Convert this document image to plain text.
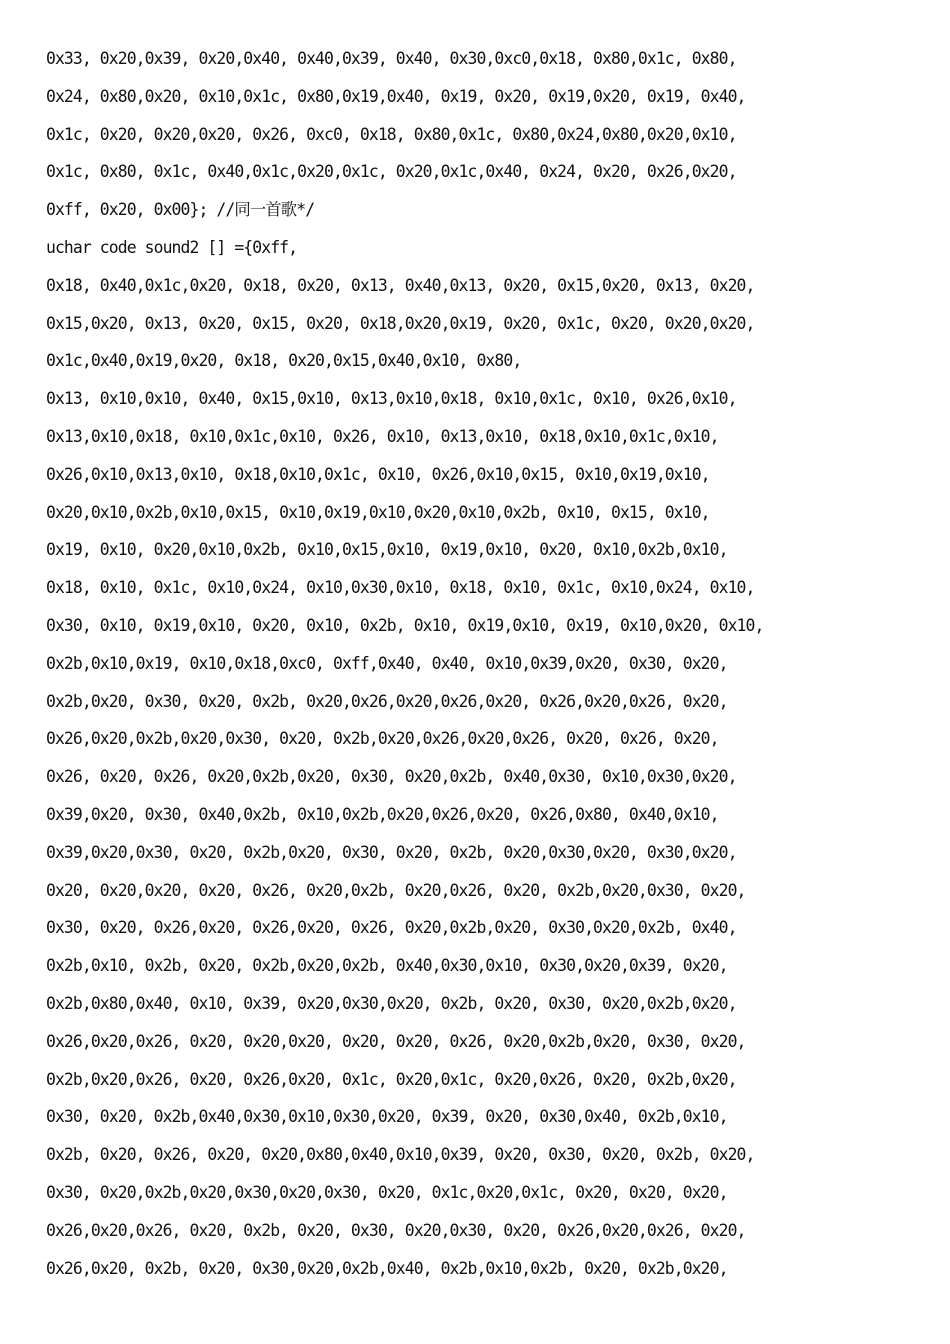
0x33, 0x20,0x39, 0x20,0x40, 0x40,0x39, 0x40, 0x30,0xc0,0x18, 0x80,0x1c, 0x80,
0x24, 0x80,0x20, 0x10,0x1c, 0x80,0x19,0x40, 0x19, 0x20, 0x19,0x20, 0x19, 0x40,
0x1c, 0x20, 0x20,0x20, 0x26, 0xc0, 0x18, 0x80,0x1c, 0x80,0x24,0x80,0x20,0x10,
0x1c, 0x80, 0x1c, 0x40,0x1c,0x20,0x1c, 0x20,0x1c,0x40, 0x24, 0x20, 0x26,0x20,
0xff, 0x20, 0x00}; //同一首歌*/
uchar code sound2 [] ={0xff,
0x18, 0x40,0x1c,0x20, 0x18, 0x20, 0x13, 0x40,0x13, 0x20, 0x15,0x20, 0x13, 0x20,
0x15,0x20, 0x13, 0x20, 0x15, 0x20, 0x18,0x20,0x19, 0x20, 0x1c, 0x20, 0x20,0x20,
0x1c,0x40,0x19,0x20, 0x18, 0x20,0x15,0x40,0x10, 0x80,
0x13, 0x10,0x10, 0x40, 0x15,0x10, 0x13,0x10,0x18, 0x10,0x1c, 0x10, 0x26,0x10,
0x13,0x10,0x18, 0x10,0x1c,0x10, 0x26, 0x10, 0x13,0x10, 0x18,0x10,0x1c,0x10,
0x26,0x10,0x13,0x10, 0x18,0x10,0x1c, 0x10, 0x26,0x10,0x15, 0x10,0x19,0x10,
0x20,0x10,0x2b,0x10,0x15, 0x10,0x19,0x10,0x20,0x10,0x2b, 0x10, 0x15, 0x10,
0x19, 0x10, 0x20,0x10,0x2b, 0x10,0x15,0x10, 0x19,0x10, 0x20, 0x10,0x2b,0x10,
0x18, 0x10, 0x1c, 0x10,0x24, 0x10,0x30,0x10, 0x18, 0x10, 0x1c, 0x10,0x24, 0x10,
0x30, 0x10, 0x19,0x10, 0x20, 0x10, 0x2b, 0x10, 0x19,0x10, 0x19, 0x10,0x20, 0x10,
0x2b,0x10,0x19, 0x10,0x18,0xc0, 0xff,0x40, 0x40, 0x10,0x39,0x20, 0x30, 0x20,
0x2b,0x20, 0x30, 0x20, 0x2b, 0x20,0x26,0x20,0x26,0x20, 0x26,0x20,0x26, 0x20,
0x26,0x20,0x2b,0x20,0x30, 0x20, 0x2b,0x20,0x26,0x20,0x26, 0x20, 0x26, 0x20,
0x26, 0x20, 0x26, 0x20,0x2b,0x20, 0x30, 0x20,0x2b, 0x40,0x30, 0x10,0x30,0x20,
0x39,0x20, 0x30, 0x40,0x2b, 0x10,0x2b,0x20,0x26,0x20, 0x26,0x80, 0x40,0x10,
0x39,0x20,0x30, 0x20, 0x2b,0x20, 0x30, 0x20, 0x2b, 0x20,0x30,0x20, 0x30,0x20,
0x20, 0x20,0x20, 0x20, 0x26, 0x20,0x2b, 0x20,0x26, 0x20, 0x2b,0x20,0x30, 0x20,
0x30, 0x20, 0x26,0x20, 0x26,0x20, 0x26, 0x20,0x2b,0x20, 0x30,0x20,0x2b, 0x40,
0x2b,0x10, 0x2b, 0x20, 0x2b,0x20,0x2b, 0x40,0x30,0x10, 0x30,0x20,0x39, 0x20,
0x2b,0x80,0x40, 0x10, 0x39, 0x20,0x30,0x20, 0x2b, 0x20, 0x30, 0x20,0x2b,0x20,
0x26,0x20,0x26, 0x20, 0x20,0x20, 0x20, 0x20, 0x26, 0x20,0x2b,0x20, 0x30, 0x20,
0x2b,0x20,0x26, 0x20, 0x26,0x20, 0x1c, 0x20,0x1c, 0x20,0x26, 0x20, 0x2b,0x20,
0x30, 0x20, 0x2b,0x40,0x30,0x10,0x30,0x20, 0x39, 0x20, 0x30,0x40, 0x2b,0x10,
0x2b, 0x20, 0x26, 0x20, 0x20,0x80,0x40,0x10,0x39, 0x20, 0x30, 0x20, 0x2b, 0x20,
0x30, 0x20,0x2b,0x20,0x30,0x20,0x30, 0x20, 0x1c,0x20,0x1c, 0x20, 0x20, 0x20,
0x26,0x20,0x26, 0x20, 0x2b, 0x20, 0x30, 0x20,0x30, 0x20, 0x26,0x20,0x26, 0x20,
0x26,0x20, 0x2b, 0x20, 0x30,0x20,0x2b,0x40, 0x2b,0x10,0x2b, 0x20, 0x2b,0x20,
